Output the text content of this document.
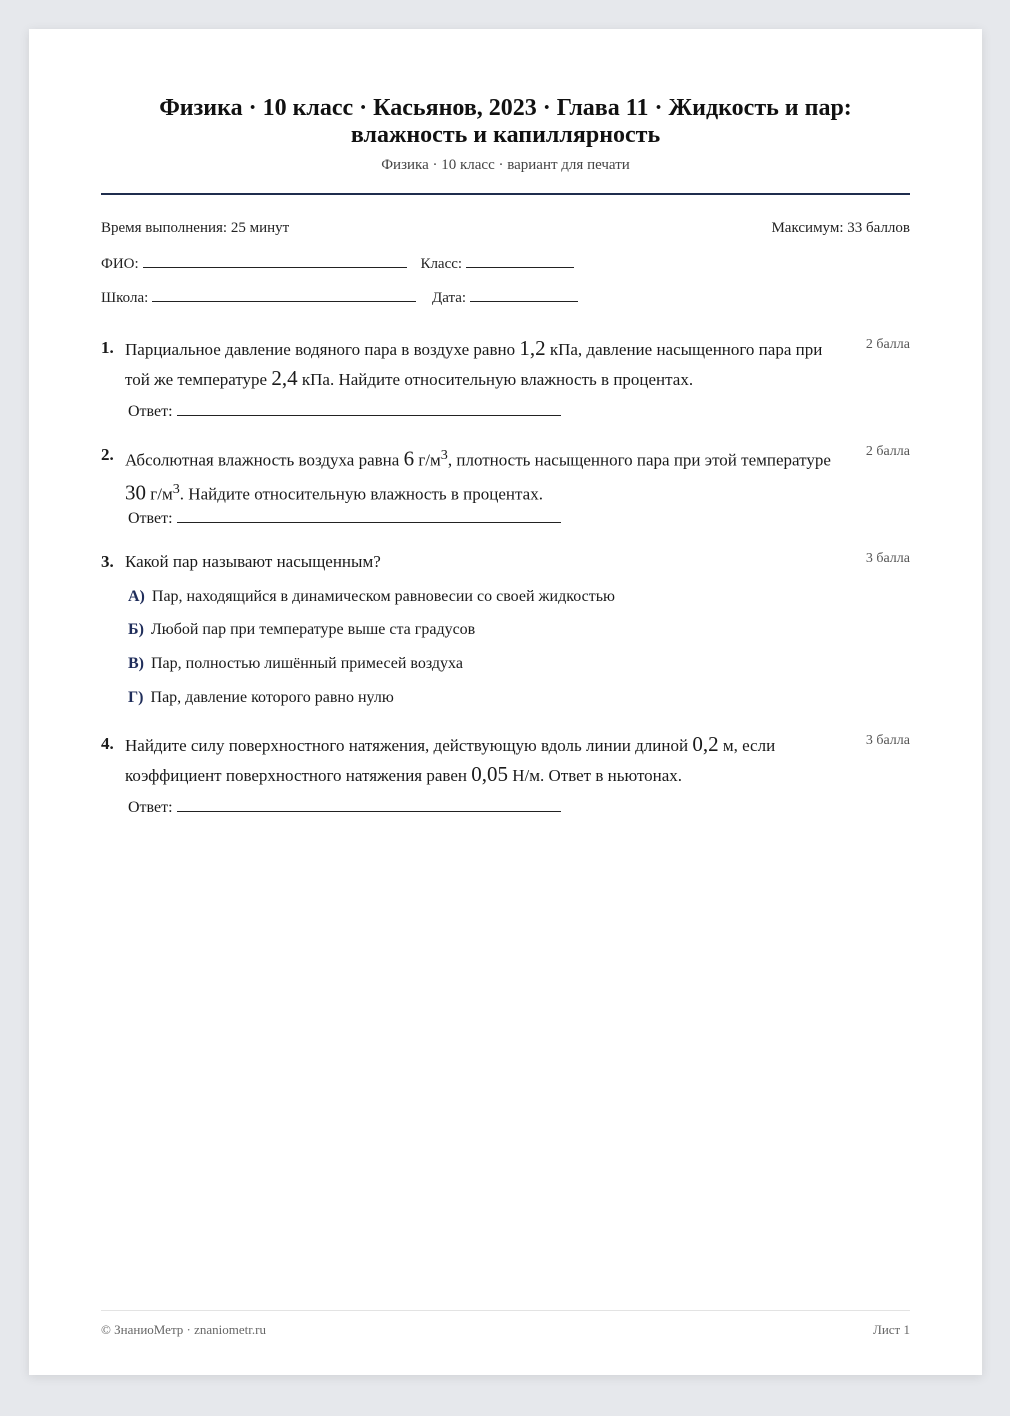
Физика · 10 класс · Касьянов, 2023 · Глава 11 · Жидкость и пар:
влажность и капиллярность
Физика · 10 класс · вариант для печати
Время выполнения: 25 минут	Максимум: 33 баллов
ФИО:	Класс:
Школа:	Дата:
1. Парциальное давление водяного пара в воздухе равно 1,2 кПа, давление насыщенного пара при той же температуре 2,4 кПа. Найдите относительную влажность в процентах.
2 балла
Ответ:
2. Абсолютная влажность воздуха равна 6 $г/м^3$, плотность насыщенного пара при этой температуре 30 $г/м^3$. Найдите относительную влажность в процентах.
2 балла
Ответ:
3. Какой пар называют насыщенным?	3 балла
А) Пар, находящийся в динамическом равновесии со своей жидкостью
Б) Любой пар при температуре выше ста градусов
В) Пар, полностью лишённый примесей воздуха
Г) Пар, давление которого равно нулю
4. Найдите силу поверхностного натяжения, действующую вдоль линии длиной 0,2 м, если коэффициент поверхностного натяжения равен 0,05 Н/м. Ответ в ньютонах.
3 балла
Ответ:
© ЗнаниоМетр · znaniometr.ru	Лист 1
